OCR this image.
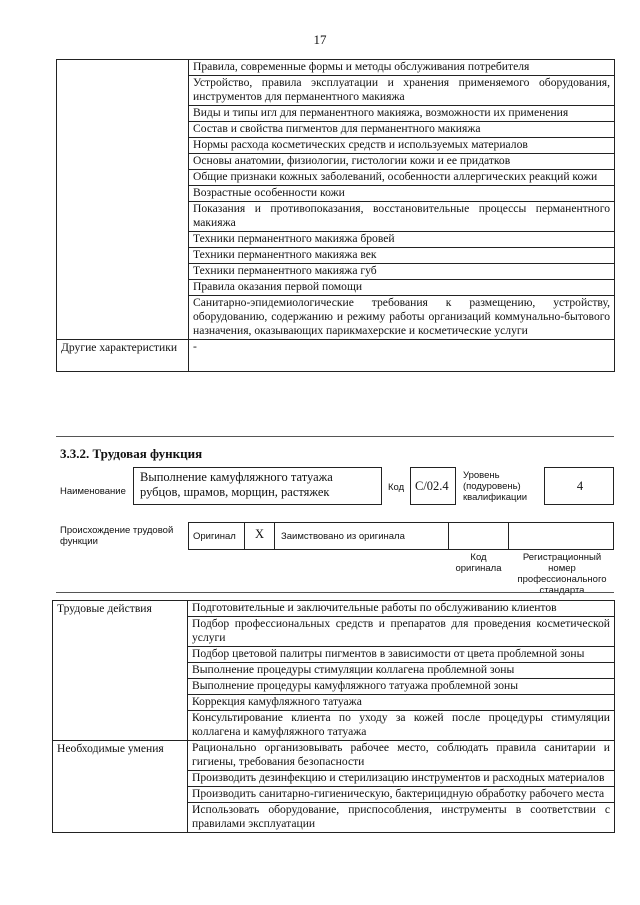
17
	Правила, современные формы и методы обслуживания потребителя
	Устройство, правила эксплуатации и хранения применяемого оборудования, инструментов для перманентного макияжа
	Виды и типы игл для перманентного макияжа, возможности их применения
	Состав и свойства пигментов для перманентного макияжа
	Нормы расхода косметических средств и используемых материалов
	Основы анатомии, физиологии, гистологии кожи и ее придатков
	Общие признаки кожных заболеваний, особенности аллергических реакций кожи
	Возрастные особенности кожи
	Показания и противопоказания, восстановительные процессы перманентного макияжа
	Техники перманентного макияжа бровей
	Техники перманентного макияжа век
	Техники перманентного макияжа губ
	Правила оказания первой помощи
	Санитарно-эпидемиологические требования к размещению, устройству, оборудованию, содержанию и режиму работы организаций коммунально-бытового назначения, оказывающих парикмахерские и косметические услуги
Другие характеристики	-
3.3.2. Трудовая функция
Наименование
Выполнение камуфляжного татуажа рубцов, шрамов, морщин, растяжек	Код C/02.4
Уровень (подуровень) квалификации
4
Происхождение трудовой функции	Оригинал	X	Заимствовано из оригинала
Код оригинала
Регистрационный номер профессионального стандарта
Трудовые действия	Подготовительные и заключительные работы по обслуживанию клиентов
	Подбор профессиональных средств и препаратов для проведения косметической услуги
	Подбор цветовой палитры пигментов в зависимости от цвета проблемной зоны
	Выполнение процедуры стимуляции коллагена проблемной зоны
	Выполнение процедуры камуфляжного татуажа проблемной зоны
	Коррекция камуфляжного татуажа
	Консультирование клиента по уходу за кожей после процедуры стимуляции коллагена и камуфляжного татуажа
Необходимые умения	Рационально организовывать рабочее место, соблюдать правила санитарии и гигиены, требования безопасности
	Производить дезинфекцию и стерилизацию инструментов и расходных материалов
	Производить санитарно-гигиеническую, бактерицидную обработку рабочего места
	Использовать оборудование, приспособления, инструменты в соответствии с правилами эксплуатации
